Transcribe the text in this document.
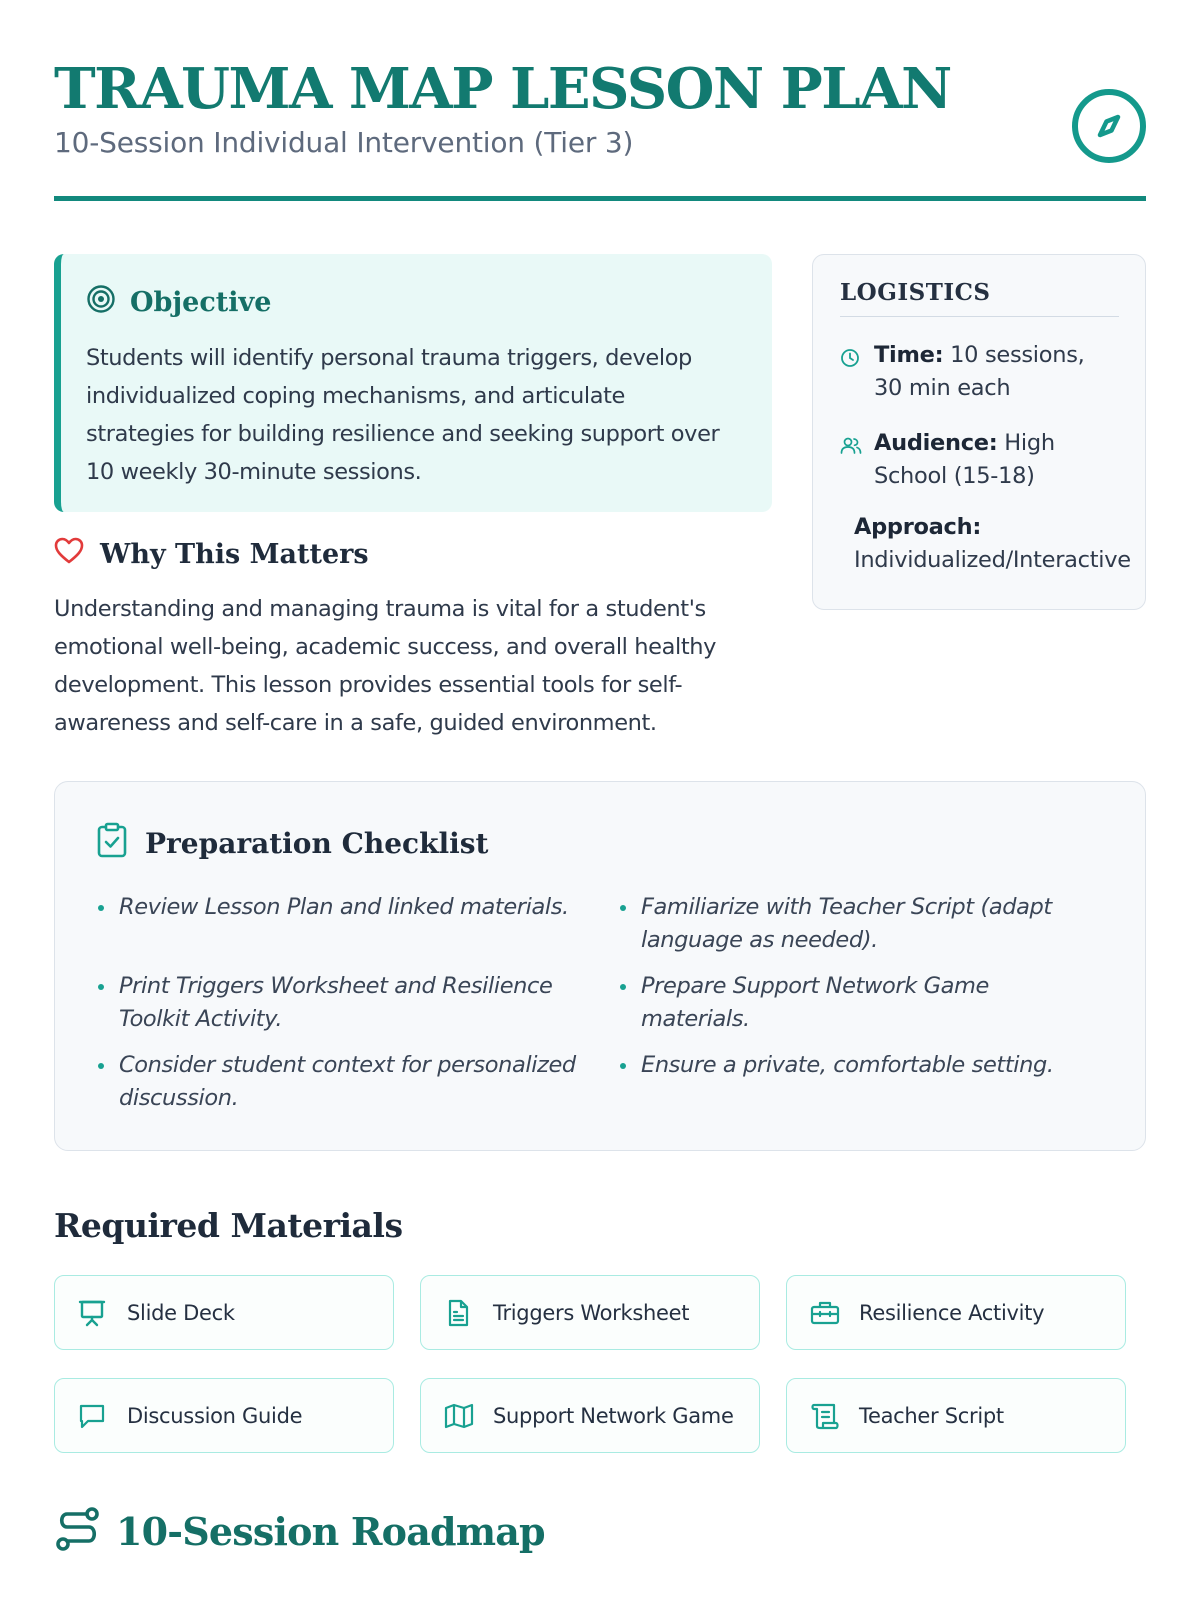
TRAUMA MAP LESSON PLAN
10-Session Individual Intervention (Tier 3)
Objective

Students will identify personal trauma triggers, develop individualized coping mechanisms, and articulate strategies for building resilience and seeking support over 10 weekly 30-minute sessions.

Why This Matters

Understanding and managing trauma is vital for a student's emotional well-being, academic success, and overall healthy development. This lesson provides essential tools for self-awareness and self-care in a safe, guided environment.

LOGISTICS
Time: 10 sessions, 30 min each
Audience: High School (15-18)
Approach:
Individualized/Interactive
Preparation Checklist
Review Lesson Plan and linked materials.	Familiarize with Teacher Script (adapt language as needed).
Print Triggers Worksheet and Resilience Toolkit Activity.
Prepare Support Network Game materials.
Consider student context for personalized discussion.
Ensure a private, comfortable setting.
Required Materials
Slide Deck	Triggers Worksheet	Resilience Activity
Discussion Guide	Support Network Game	Teacher Script
10-Session Roadmap
